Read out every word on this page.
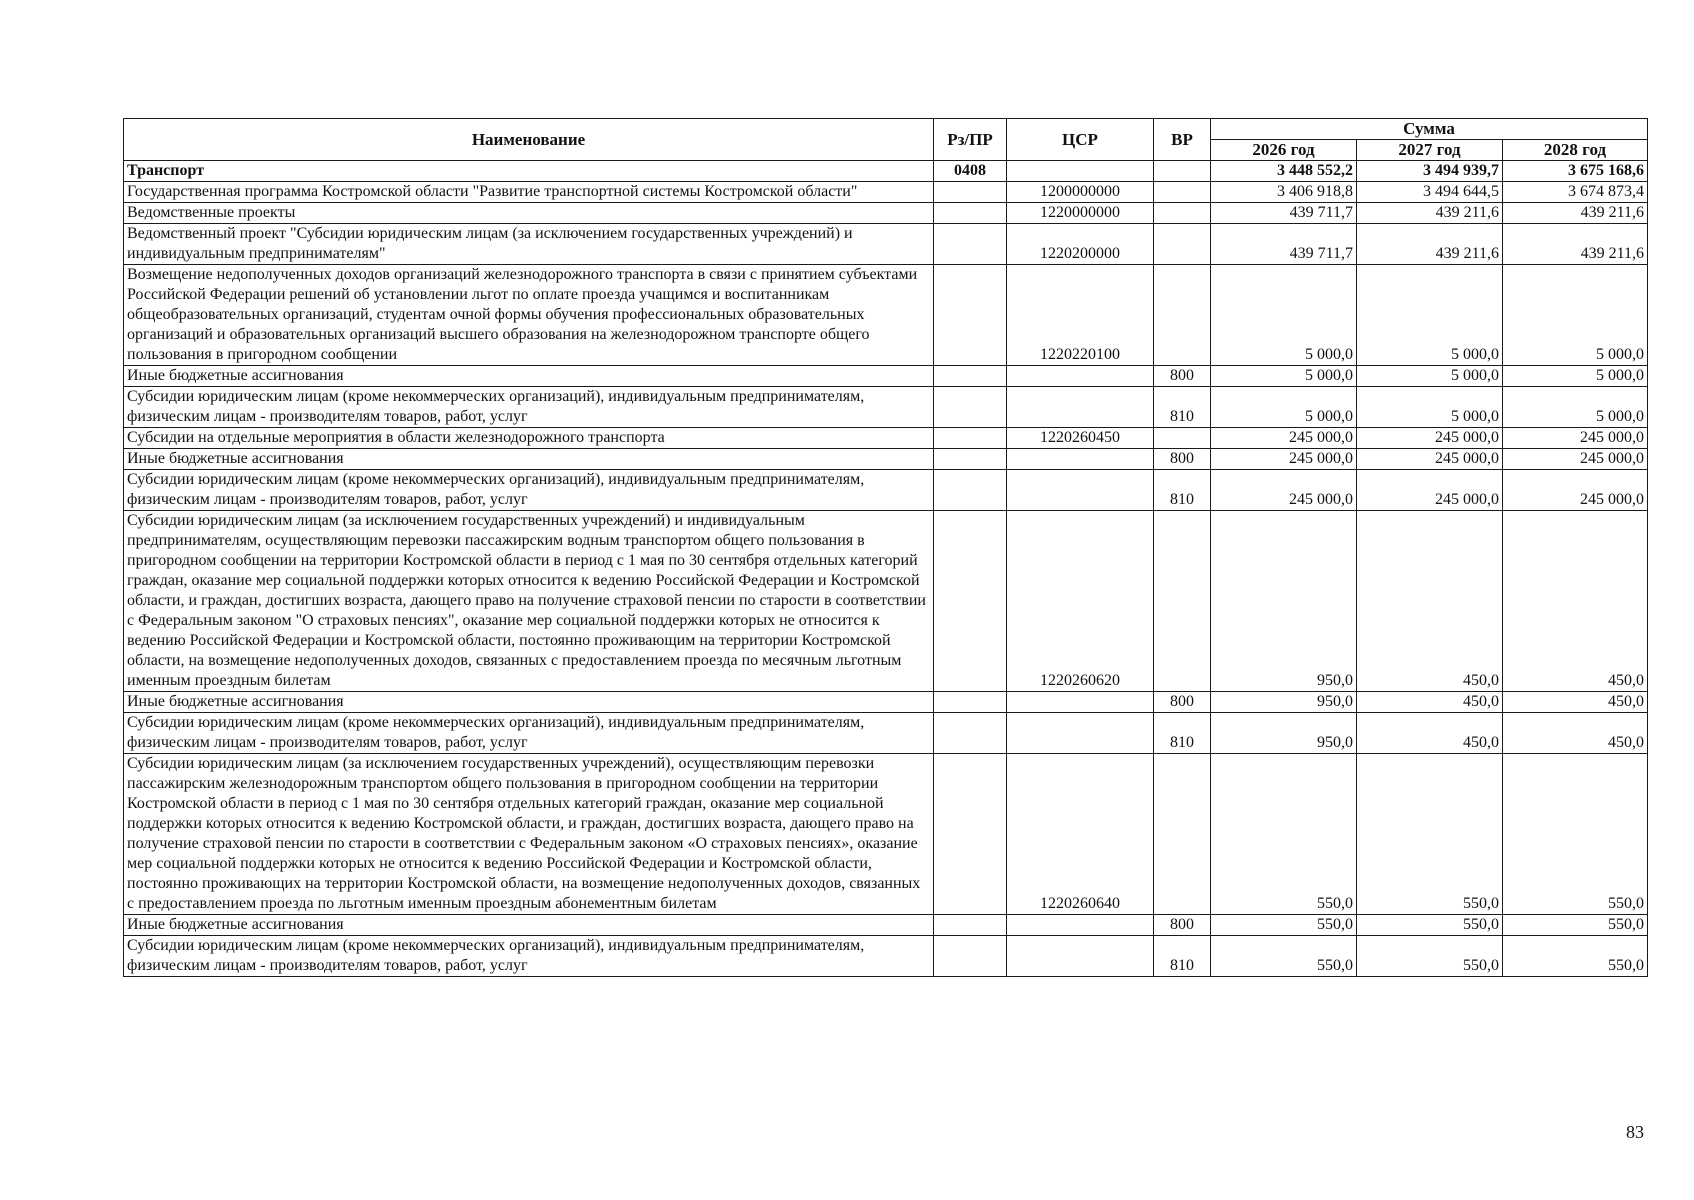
Наименование	Рз/ПР	ЦСР	ВР	Сумма		
				2026 год	2027 год	2028 год
Транспорт	0408			3 448 552,2	3 494 939,7	3 675 168,6
Государственная программа Костромской области "Развитие транспортной системы Костромской области"		1200000000		3 406 918,8	3 494 644,5	3 674 873,4
Ведомственные проекты		1220000000		439 711,7	439 211,6	439 211,6
Ведомственный проект "Субсидии юридическим лицам (за исключением государственных учреждений) и индивидуальным предпринимателям"		1220200000		439 711,7	439 211,6	439 211,6
Возмещение недополученных доходов организаций железнодорожного транспорта в связи с принятием субъектами Российской Федерации решений об установлении льгот по оплате проезда учащимся и воспитанникам общеобразовательных организаций, студентам очной формы обучения профессиональных образовательных организаций и образовательных организаций высшего образования на железнодорожном транспорте общего пользования в пригородном сообщении		1220220100		5 000,0	5 000,0	5 000,0
Иные бюджетные ассигнования			800	5 000,0	5 000,0	5 000,0
Субсидии юридическим лицам (кроме некоммерческих организаций), индивидуальным предпринимателям, физическим лицам - производителям товаров, работ, услуг			810	5 000,0	5 000,0	5 000,0
Субсидии на отдельные мероприятия в области железнодорожного транспорта		1220260450		245 000,0	245 000,0	245 000,0
Иные бюджетные ассигнования			800	245 000,0	245 000,0	245 000,0
Субсидии юридическим лицам (кроме некоммерческих организаций), индивидуальным предпринимателям, физическим лицам - производителям товаров, работ, услуг			810	245 000,0	245 000,0	245 000,0
Субсидии юридическим лицам (за исключением государственных учреждений) и индивидуальным предпринимателям, осуществляющим перевозки пассажирским водным транспортом общего пользования в пригородном сообщении на территории Костромской области в период с 1 мая по 30 сентября отдельных категорий граждан, оказание мер социальной поддержки которых относится к ведению Российской Федерации и Костромской области, и граждан, достигших возраста, дающего право на получение страховой пенсии по старости в соответствии с Федеральным законом "О страховых пенсиях", оказание мер социальной поддержки которых не относится к ведению Российской Федерации и Костромской области, постоянно проживающим на территории Костромской области, на возмещение недополученных доходов, связанных с предоставлением проезда по месячным льготным именным проездным билетам		1220260620		950,0	450,0	450,0
Иные бюджетные ассигнования			800	950,0	450,0	450,0
Субсидии юридическим лицам (кроме некоммерческих организаций), индивидуальным предпринимателям, физическим лицам - производителям товаров, работ, услуг			810	950,0	450,0	450,0
Субсидии юридическим лицам (за исключением государственных учреждений), осуществляющим перевозки пассажирским железнодорожным транспортом общего пользования в пригородном сообщении на территории Костромской области в период с 1 мая по 30 сентября отдельных категорий граждан, оказание мер социальной поддержки которых относится к ведению Костромской области, и граждан, достигших возраста, дающего право на получение страховой пенсии по старости в соответствии с Федеральным законом «О страховых пенсиях», оказание мер социальной поддержки которых не относится к ведению Российской Федерации и Костромской области, постоянно проживающих на территории Костромской области, на возмещение недополученных доходов, связанных с предоставлением проезда по льготным именным проездным абонементным билетам		1220260640		550,0	550,0	550,0
Иные бюджетные ассигнования			800	550,0	550,0	550,0
Субсидии юридическим лицам (кроме некоммерческих организаций), индивидуальным предпринимателям, физическим лицам - производителям товаров, работ, услуг			810	550,0	550,0	550,0
83
